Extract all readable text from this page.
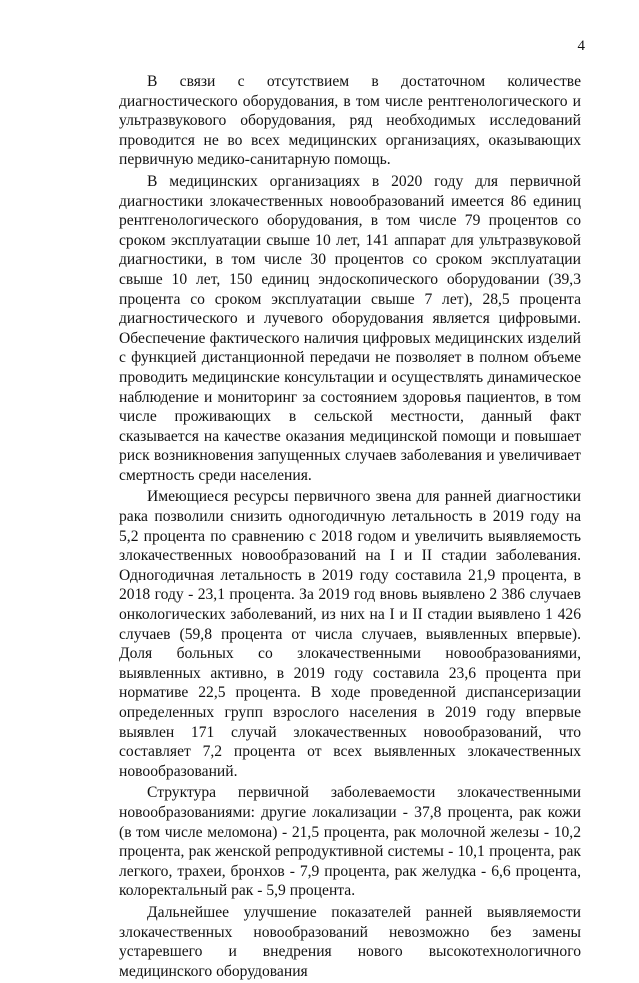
4

В связи с отсутствием в достаточном количестве диагностического оборудования, в том числе рентгенологического и ультразвукового оборудования, ряд необходимых исследований проводится не во всех медицинских организациях, оказывающих первичную медико-санитарную помощь.

В медицинских организациях в 2020 году для первичной диагностики злокачественных новообразований имеется 86 единиц рентгенологического оборудования, в том числе 79 процентов со сроком эксплуатации свыше 10 лет, 141 аппарат для ультразвуковой диагностики, в том числе 30 процентов со сроком эксплуатации свыше 10 лет, 150 единиц эндоскопического оборудовании (39,3 процента со сроком эксплуатации свыше 7 лет), 28,5 процента диагностического и лучевого оборудования является цифровыми. Обеспечение фактического наличия цифровых медицинских изделий с функцией дистанционной передачи не позволяет в полном объеме проводить медицинские консультации и осуществлять динамическое наблюдение и мониторинг за состоянием здоровья пациентов, в том числе проживающих в сельской местности, данный факт сказывается на качестве оказания медицинской помощи и повышает риск возникновения запущенных случаев заболевания и увеличивает смертность среди населения.

Имеющиеся ресурсы первичного звена для ранней диагностики рака позволили снизить одногодичную летальность в 2019 году на 5,2 процента по сравнению с 2018 годом и увеличить выявляемость злокачественных новообразований на I и II стадии заболевания. Одногодичная летальность в 2019 году составила 21,9 процента, в 2018 году - 23,1 процента. За 2019 год вновь выявлено 2 386 случаев онкологических заболеваний, из них на I и II стадии выявлено 1 426 случаев (59,8 процента от числа случаев, выявленных впервые). Доля больных со злокачественными новообразованиями, выявленных активно, в 2019 году составила 23,6 процента при нормативе 22,5 процента. В ходе проведенной диспансеризации определенных групп взрослого населения в 2019 году впервые выявлен 171 случай злокачественных новообразований, что составляет 7,2 процента от всех выявленных злокачественных новообразований.

Структура первичной заболеваемости злокачественными новообразованиями: другие локализации - 37,8 процента, рак кожи (в том числе меломона) - 21,5 процента, рак молочной железы - 10,2 процента, рак женской репродуктивной системы - 10,1 процента, рак легкого, трахеи, бронхов - 7,9 процента, рак желудка - 6,6 процента, колоректальный рак - 5,9 процента.

Дальнейшее улучшение показателей ранней выявляемости злокачественных новообразований невозможно без замены устаревшего и внедрения нового высокотехнологичного медицинского оборудования
